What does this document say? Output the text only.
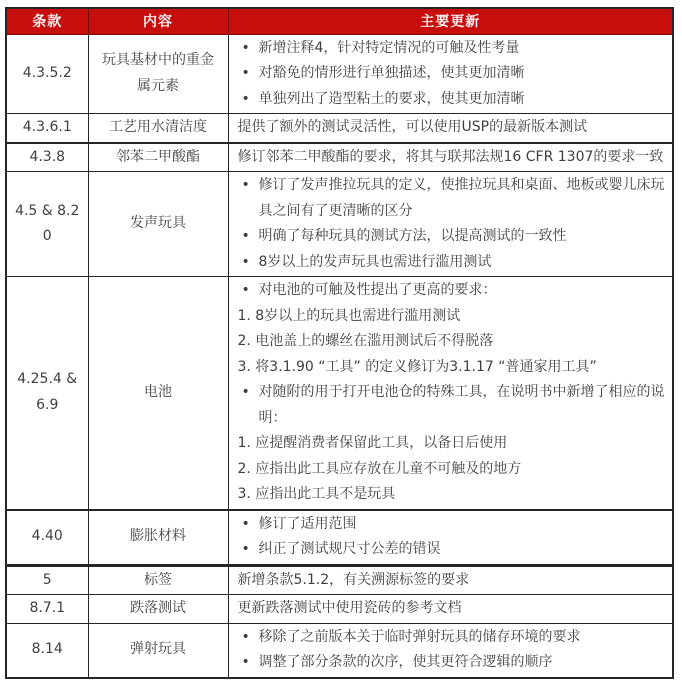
条款	内容	主要更新
4.3.5.2	玩具基材中的重金属元素	• 新增注释4，针对特定情况的可触及性考量
• 对豁免的情形进行单独描述，使其更加清晰
• 单独列出了造型粘土的要求，使其更加清晰

4.3.6.1	工艺用水清洁度	提供了额外的测试灵活性，可以使用USP的最新版本测试

4.3.8	邻苯二甲酸酯	修订邻苯二甲酸酯的要求，将其与联邦法规16 CFR 1307的要求一致

4.5 & 8.20	发声玩具	• 修订了发声推拉玩具的定义，使推拉玩具和桌面、地板或婴儿床玩具之间有了更清晰的区分
• 明确了每种玩具的测试方法，以提高测试的一致性
• 8岁以上的发声玩具也需进行滥用测试

4.25.4 & 6.9	电池	
• 对电池的可触及性提出了更高的要求：
1. 8岁以上的玩具也需进行滥用测试
2. 电池盖上的螺丝在滥用测试后不得脱落
3. 将3.1.90 “工具” 的定义修订为3.1.17 “普通家用工具”
• 对随附的用于打开电池仓的特殊工具，在说明书中新增了相应的说明：
1. 应提醒消费者保留此工具，以备日后使用
2. 应指出此工具应存放在儿童不可触及的地方
3. 应指出此工具不是玩具

4.40	膨胀材料	• 修订了适用范围
• 纠正了测试规尺寸公差的错误

5	标签	新增条款5.1.2，有关溯源标签的要求

8.7.1	跌落测试	更新跌落测试中使用瓷砖的参考文档

8.14	弹射玩具	• 移除了之前版本关于临时弹射玩具的储存环境的要求
• 调整了部分条款的次序，使其更符合逻辑的顺序
